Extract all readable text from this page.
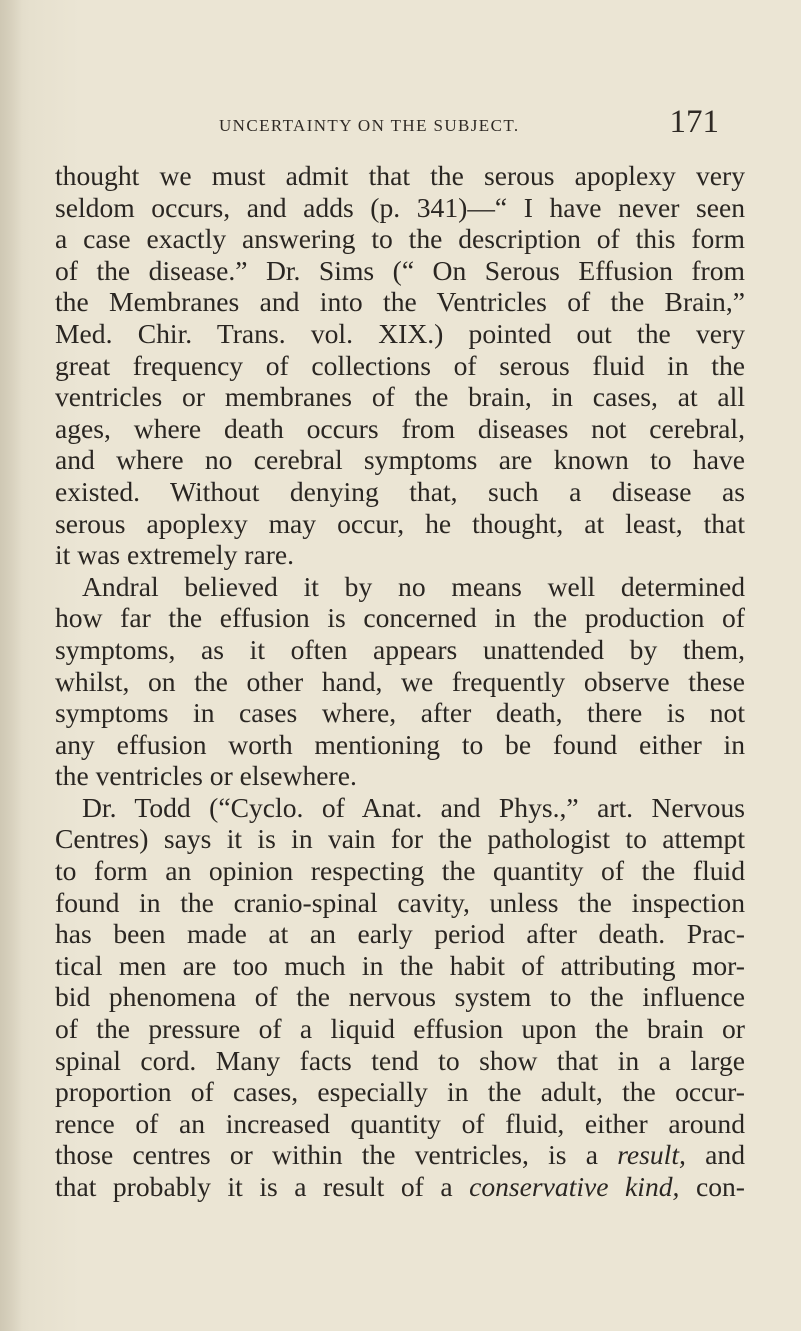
UNCERTAINTY ON THE SUBJECT.	171
thought we must admit that the serous apoplexy very
seldom occurs, and adds (p. 341)—“ I have never seen
a case exactly answering to the description of this form
of the disease.” Dr. Sims (“ On Serous Effusion from
the Membranes and into the Ventricles of the Brain,”
Med. Chir. Trans. vol. XIX.) pointed out the very
great frequency of collections of serous fluid in the
ventricles or membranes of the brain, in cases, at all
ages, where death occurs from diseases not cerebral,
and where no cerebral symptoms are known to have
existed. Without denying that, such a disease as
serous apoplexy may occur, he thought, at least, that
it was extremely rare.
Andral believed it by no means well determined
how far the effusion is concerned in the production of
symptoms, as it often appears unattended by them,
whilst, on the other hand, we frequently observe these
symptoms in cases where, after death, there is not
any effusion worth mentioning to be found either in
the ventricles or elsewhere.
Dr. Todd (“Cyclo. of Anat. and Phys.,” art. Nervous
Centres) says it is in vain for the pathologist to attempt
to form an opinion respecting the quantity of the fluid
found in the cranio-spinal cavity, unless the inspection
has been made at an early period after death. Prac-
tical men are too much in the habit of attributing mor-
bid phenomena of the nervous system to the influence
of the pressure of a liquid effusion upon the brain or
spinal cord. Many facts tend to show that in a large
proportion of cases, especially in the adult, the occur-
rence of an increased quantity of fluid, either around
those centres or within the ventricles, is a result, and
that probably it is a result of a conservative kind, con-
